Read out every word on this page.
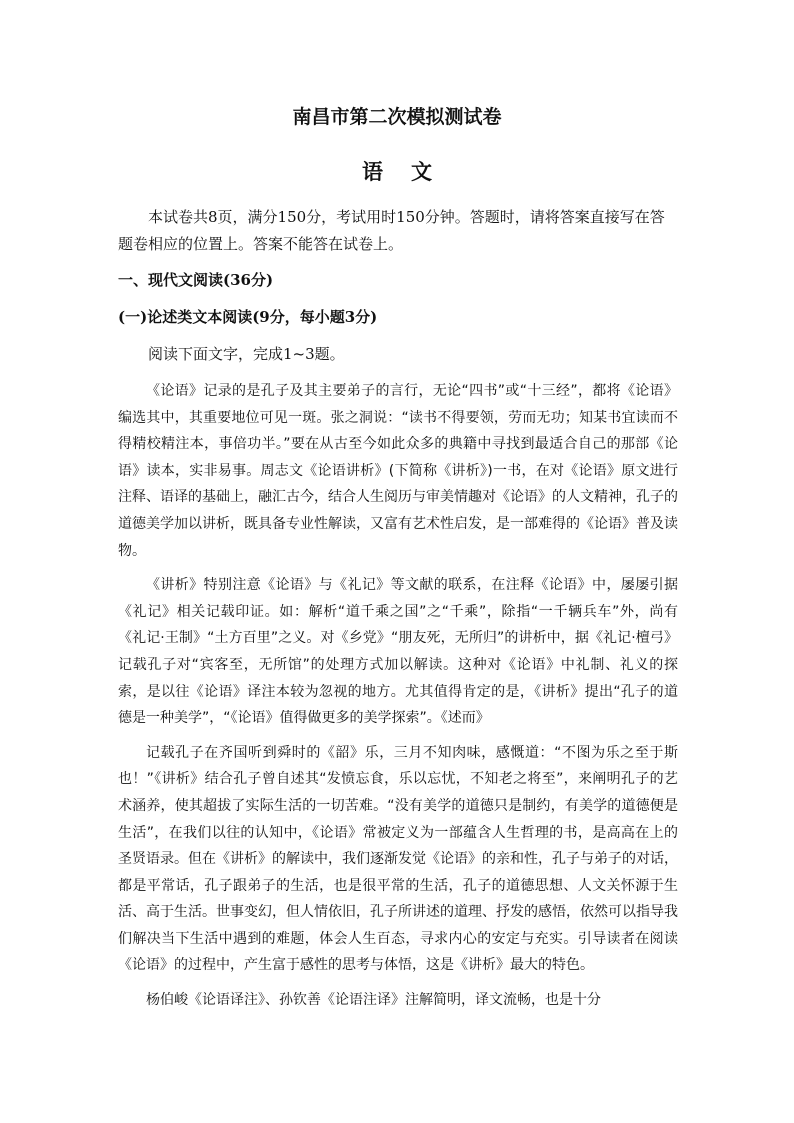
南昌市第二次模拟测试卷
语文

本试卷共8页，满分150分，考试用时150分钟。答题时，请将答案直接写在答题卷相应的位置上。答案不能答在试卷上。

一、现代文阅读(36分)

(一)论述类文本阅读(9分，每小题3分)

阅读下面文字，完成1~3题。

《论语》记录的是孔子及其主要弟子的言行，无论“四书”或“十三经”，都将《论语》编选其中，其重要地位可见一斑。张之洞说：“读书不得要领，劳而无功；知某书宜读而不得精校精注本，事倍功半。”要在从古至今如此众多的典籍中寻找到最适合自己的那部《论语》读本，实非易事。周志文《论语讲析》(下简称《讲析》)一书，在对《论语》原文进行注释、语译的基础上，融汇古今，结合人生阅历与审美情趣对《论语》的人文精神，孔子的道德美学加以讲析，既具备专业性解读，又富有艺术性启发，是一部难得的《论语》普及读物。

《讲析》特别注意《论语》与《礼记》等文献的联系，在注释《论语》中，屡屡引据《礼记》相关记载印证。如：解析“道千乘之国”之“千乘”，除指“一千辆兵车”外，尚有《礼记·王制》“土方百里”之义。对《乡党》“朋友死，无所归”的讲析中，据《礼记·檀弓》记载孔子对“宾客至，无所馆”的处理方式加以解读。这种对《论语》中礼制、礼义的探索，是以往《论语》译注本较为忽视的地方。尤其值得肯定的是，《讲析》提出“孔子的道德是一种美学”，“《论语》值得做更多的美学探索”。《述而》

记载孔子在齐国听到舜时的《韶》乐，三月不知肉味，感慨道：“不图为乐之至于斯也！”《讲析》结合孔子曾自述其“发愤忘食，乐以忘忧，不知老之将至”，来阐明孔子的艺术涵养，使其超拔了实际生活的一切苦难。“没有美学的道德只是制约，有美学的道德便是生活”，在我们以往的认知中，《论语》常被定义为一部蕴含人生哲理的书，是高高在上的圣贤语录。但在《讲析》的解读中，我们逐渐发觉《论语》的亲和性，孔子与弟子的对话，都是平常话，孔子跟弟子的生活，也是很平常的生活，孔子的道德思想、人文关怀源于生活、高于生活。世事变幻，但人情依旧，孔子所讲述的道理、抒发的感悟，依然可以指导我们解决当下生活中遇到的难题，体会人生百态，寻求内心的安定与充实。引导读者在阅读《论语》的过程中，产生富于感性的思考与体悟，这是《讲析》最大的特色。

杨伯峻《论语译注》、孙钦善《论语注译》注解简明，译文流畅，也是十分
